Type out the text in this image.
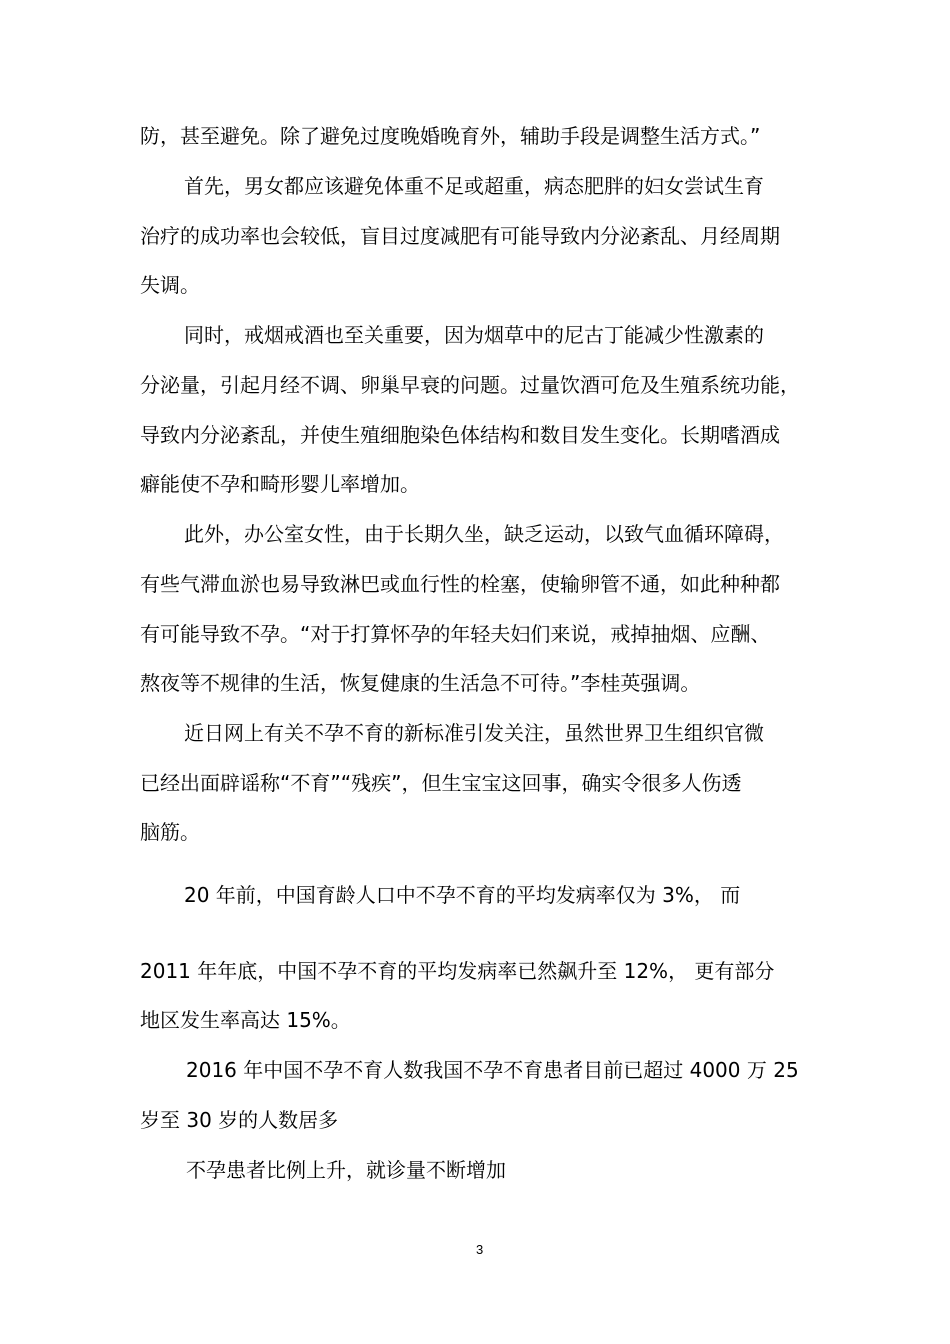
防，甚至避免。除了避免过度晚婚晚育外，辅助手段是调整生活方式。”

首先，男女都应该避免体重不足或超重，病态肥胖的妇女尝试生育

治疗的成功率也会较低，盲目过度减肥有可能导致内分泌紊乱、月经周期

失调。

同时，戒烟戒酒也至关重要，因为烟草中的尼古丁能减少性激素的

分泌量，引起月经不调、卵巢早衰的问题。过量饮酒可危及生殖系统功能，

导致内分泌紊乱，并使生殖细胞染色体结构和数目发生变化。长期嗜酒成

癖能使不孕和畸形婴儿率增加。

此外，办公室女性，由于长期久坐，缺乏运动，以致气血循环障碍，

有些气滞血淤也易导致淋巴或血行性的栓塞，使输卵管不通，如此种种都

有可能导致不孕。“对于打算怀孕的年轻夫妇们来说，戒掉抽烟、应酬、

熬夜等不规律的生活，恢复健康的生活急不可待。”李桂英强调。

近日网上有关不孕不育的新标准引发关注，虽然世界卫生组织官微

已经出面辟谣称“不育”“残疾”，但生宝宝这回事，确实令很多人伤透

脑筋。

20 年前，中国育龄人口中不孕不育的平均发病率仅为 3%， 而

2011 年年底，中国不孕不育的平均发病率已然飙升至 12%， 更有部分

地区发生率高达 15%。

2016 年中国不孕不育人数我国不孕不育患者目前已超过 4000 万 25

岁至 30 岁的人数居多

不孕患者比例上升，就诊量不断增加

3
